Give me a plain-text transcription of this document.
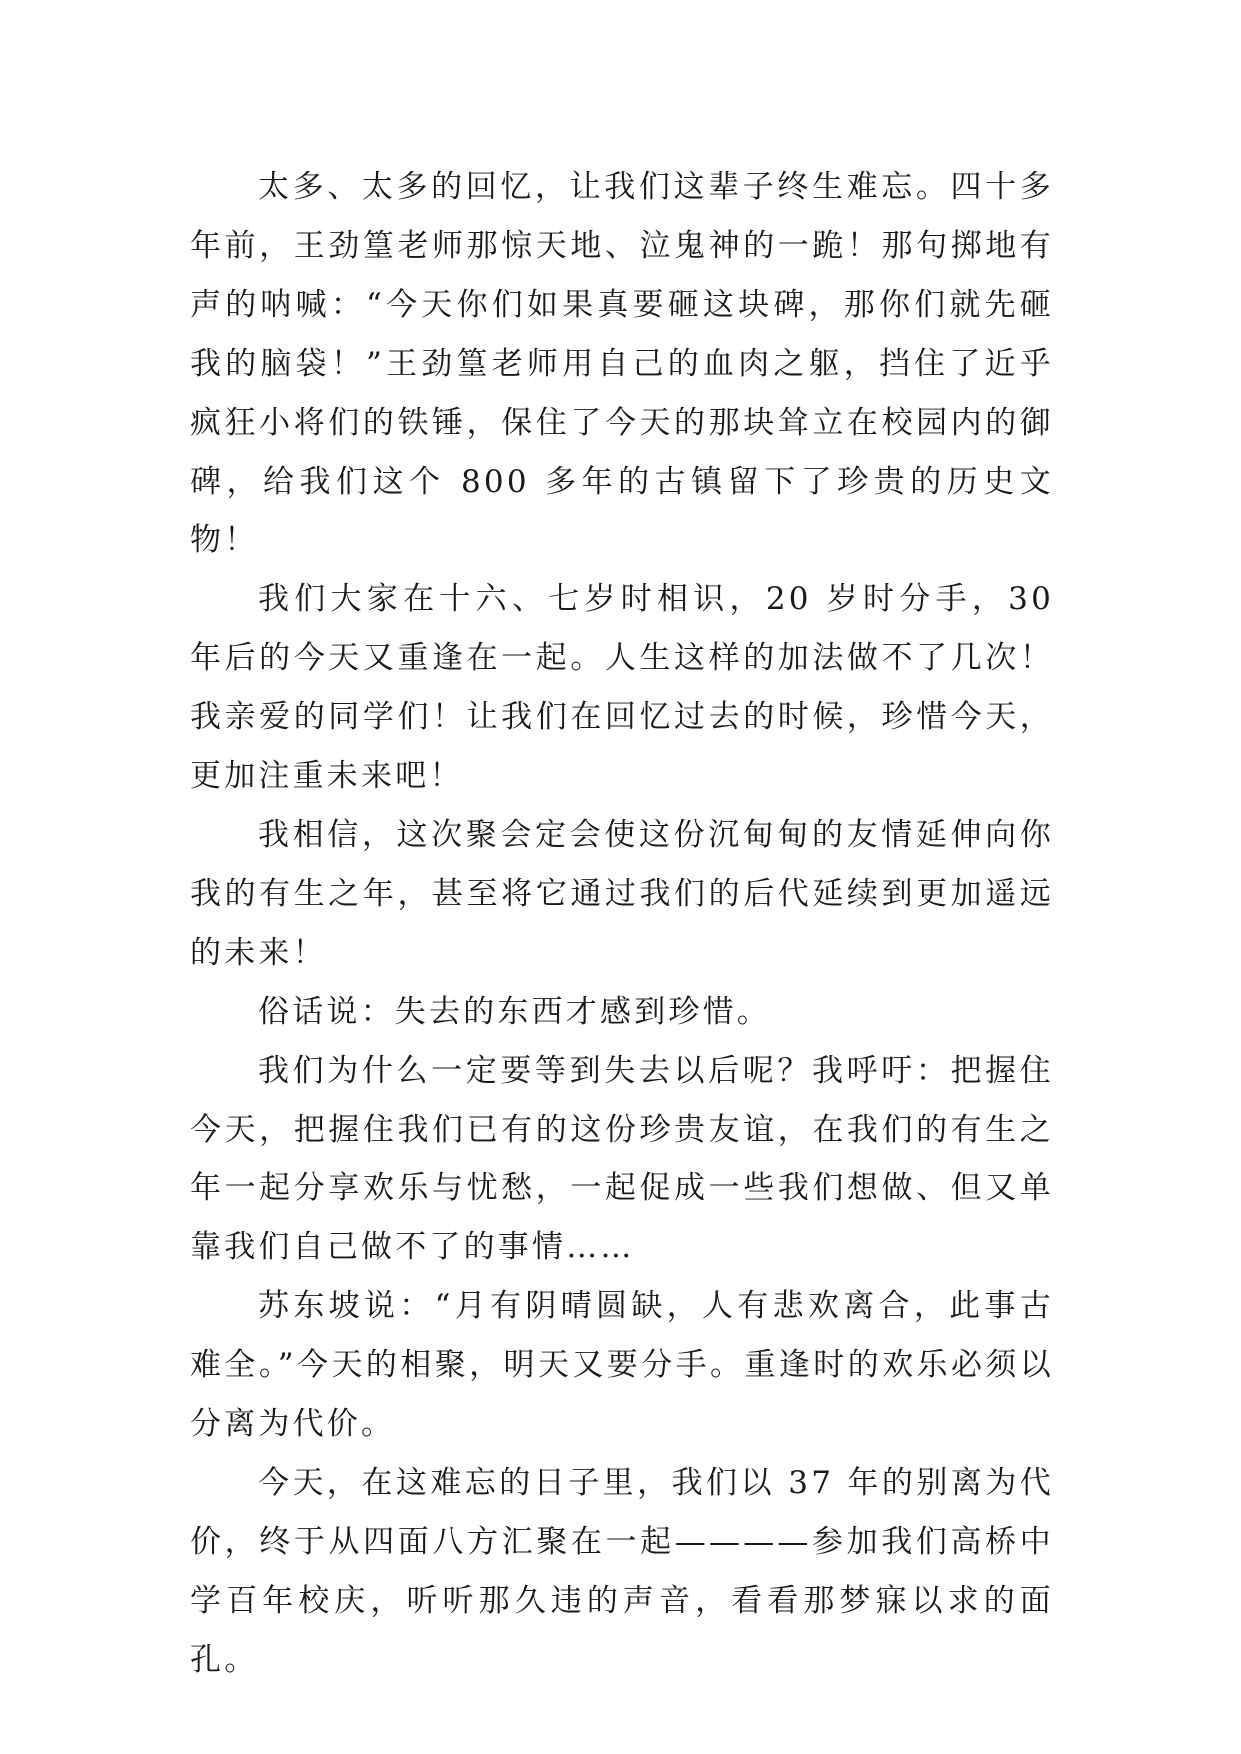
太多、太多的回忆，让我们这辈子终生难忘。四十多年前，王劲篁老师那惊天地、泣鬼神的一跪！那句掷地有声的呐喊：“今天你们如果真要砸这块碑，那你们就先砸我的脑袋！”王劲篁老师用自己的血肉之躯，挡住了近乎疯狂小将们的铁锤，保住了今天的那块耸立在校园内的御碑，给我们这个 800 多年的古镇留下了珍贵的历史文物！

我们大家在十六、七岁时相识，20 岁时分手，30 年后的今天又重逢在一起。人生这样的加法做不了几次！我亲爱的同学们！让我们在回忆过去的时候，珍惜今天，更加注重未来吧！

我相信，这次聚会定会使这份沉甸甸的友情延伸向你我的有生之年，甚至将它通过我们的后代延续到更加遥远的未来！

俗话说：失去的东西才感到珍惜。

我们为什么一定要等到失去以后呢？我呼吁：把握住今天，把握住我们已有的这份珍贵友谊，在我们的有生之年一起分享欢乐与忧愁，一起促成一些我们想做、但又单靠我们自己做不了的事情……

苏东坡说：“月有阴晴圆缺，人有悲欢离合，此事古难全。”今天的相聚，明天又要分手。重逢时的欢乐必须以分离为代价。

今天，在这难忘的日子里，我们以 37 年的别离为代价，终于从四面八方汇聚在一起————参加我们高桥中学百年校庆，听听那久违的声音，看看那梦寐以求的面孔。
